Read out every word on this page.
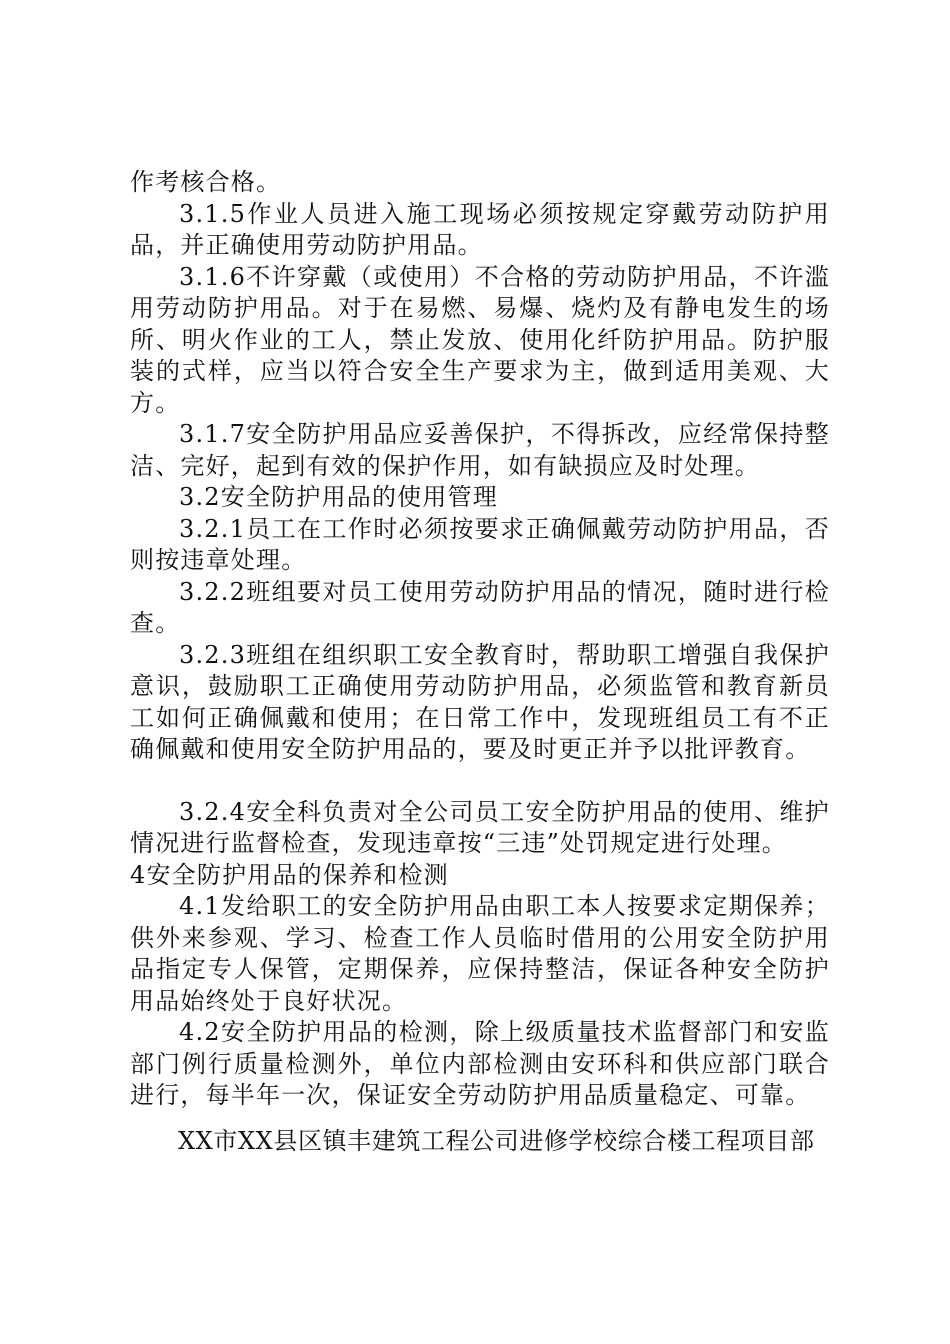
作考核合格。

3.1.5作业人员进入施工现场必须按规定穿戴劳动防护用品，并正确使用劳动防护用品。

3.1.6不许穿戴（或使用）不合格的劳动防护用品，不许滥用劳动防护用品。对于在易燃、易爆、烧灼及有静电发生的场所、明火作业的工人，禁止发放、使用化纤防护用品。防护服装的式样，应当以符合安全生产要求为主，做到适用美观、大方。

3.1.7安全防护用品应妥善保护，不得拆改，应经常保持整洁、完好，起到有效的保护作用，如有缺损应及时处理。

3.2安全防护用品的使用管理

3.2.1员工在工作时必须按要求正确佩戴劳动防护用品，否则按违章处理。

3.2.2班组要对员工使用劳动防护用品的情况，随时进行检查。

3.2.3班组在组织职工安全教育时，帮助职工增强自我保护意识，鼓励职工正确使用劳动防护用品，必须监管和教育新员工如何正确佩戴和使用；在日常工作中，发现班组员工有不正确佩戴和使用安全防护用品的，要及时更正并予以批评教育。

3.2.4安全科负责对全公司员工安全防护用品的使用、维护情况进行监督检查，发现违章按“三违”处罚规定进行处理。

4安全防护用品的保养和检测

4.1发给职工的安全防护用品由职工本人按要求定期保养；供外来参观、学习、检查工作人员临时借用的公用安全防护用品指定专人保管，定期保养，应保持整洁，保证各种安全防护用品始终处于良好状况。

4.2安全防护用品的检测，除上级质量技术监督部门和安监部门例行质量检测外，单位内部检测由安环科和供应部门联合进行，每半年一次，保证安全劳动防护用品质量稳定、可靠。

XX市XX县区镇丰建筑工程公司进修学校综合楼工程项目部
